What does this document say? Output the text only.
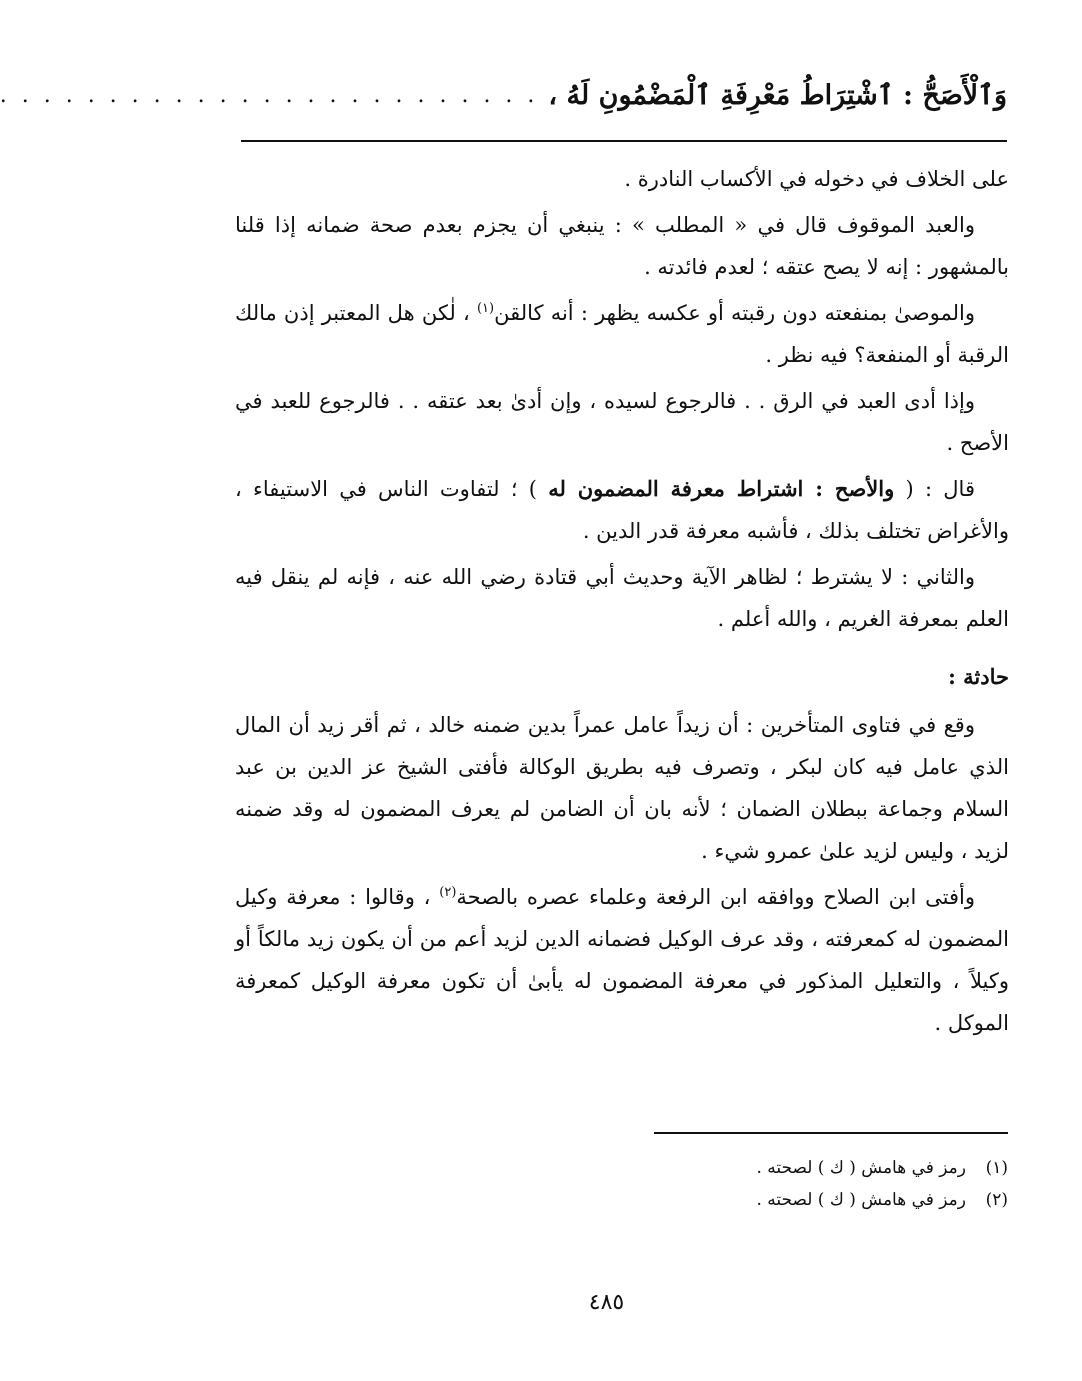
وَٱلْأَصَحُّ : ٱشْتِرَاطُ مَعْرِفَةِ ٱلْمَضْمُونِ لَهُ ،
. . . . . . . . . . . . . . . . . . . . . . . . .

على الخلاف في دخوله في الأكساب النادرة .

والعبد الموقوف قال في « المطلب » : ينبغي أن يجزم بعدم صحة ضمانه إذا قلنا بالمشهور : إنه لا يصح عتقه ؛ لعدم فائدته .

والموصىٰ بمنفعته دون رقبته أو عكسه يظهر : أنه كالقن$^{(١)}$ ، لٰكن هل المعتبر إذن مالك الرقبة أو المنفعة؟ فيه نظر .

وإذا أدى العبد في الرق . . فالرجوع لسيده ، وإن أدىٰ بعد عتقه . . فالرجوع للعبد في الأصح .

قال : ( والأصح : اشتراط معرفة المضمون له ) ؛ لتفاوت الناس في الاستيفاء ، والأغراض تختلف بذلك ، فأشبه معرفة قدر الدين .

والثاني : لا يشترط ؛ لظاهر الآية وحديث أبي قتادة رضي الله عنه ، فإنه لم ينقل فيه العلم بمعرفة الغريم ، والله أعلم .

حادثة :

وقع في فتاوى المتأخرين : أن زيداً عامل عمراً بدين ضمنه خالد ، ثم أقر زيد أن المال الذي عامل فيه كان لبكر ، وتصرف فيه بطريق الوكالة فأفتى الشيخ عز الدين بن عبد السلام وجماعة ببطلان الضمان ؛ لأنه بان أن الضامن لم يعرف المضمون له وقد ضمنه لزيد ، وليس لزيد علىٰ عمرو شيء .

وأفتى ابن الصلاح ووافقه ابن الرفعة وعلماء عصره بالصحة$^{(٢)}$ ، وقالوا : معرفة وكيل المضمون له كمعرفته ، وقد عرف الوكيل فضمانه الدين لزيد أعم من أن يكون زيد مالكاً أو وكيلاً ، والتعليل المذكور في معرفة المضمون له يأبىٰ أن تكون معرفة الوكيل كمعرفة الموكل .

(١)
رمز في هامش ( ك ) لصحته .
(٢)
رمز في هامش ( ك ) لصحته .
٤٨٥
